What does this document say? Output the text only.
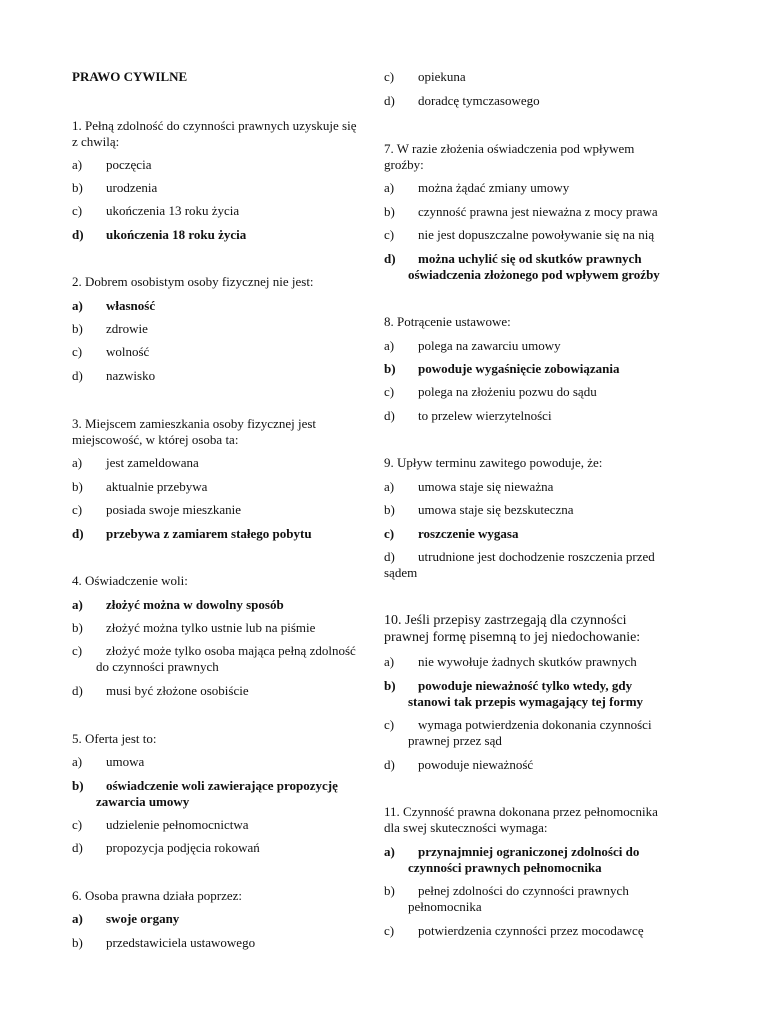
PRAWO CYWILNE
1. Pełną zdolność do czynności prawnych uzyskuje się
z chwilą:
a) poczęcia
b) urodzenia
c) ukończenia 13 roku życia
d) ukończenia 18 roku życia
2. Dobrem osobistym osoby fizycznej nie jest:
a) własność
b) zdrowie
c) wolność
d) nazwisko
3. Miejscem zamieszkania osoby fizycznej jest
miejscowość, w której osoba ta:
a) jest zameldowana
b) aktualnie przebywa
c) posiada swoje mieszkanie
d) przebywa z zamiarem stałego pobytu
4. Oświadczenie woli:
a) złożyć można w dowolny sposób
b) złożyć można tylko ustnie lub na piśmie
c) złożyć może tylko osoba mająca pełną zdolność
do czynności prawnych
d) musi być złożone osobiście
5. Oferta jest to:
a) umowa
b) oświadczenie woli zawierające propozycję
zawarcia umowy
c) udzielenie pełnomocnictwa
d) propozycja podjęcia rokowań
6. Osoba prawna działa poprzez:
a) swoje organy
b) przedstawiciela ustawowego
c) opiekuna
d) doradcę tymczasowego
7. W razie złożenia oświadczenia pod wpływem
groźby:
a) można żądać zmiany umowy
b) czynność prawna jest nieważna z mocy prawa
c) nie jest dopuszczalne powoływanie się na nią
d) można uchylić się od skutków prawnych
oświadczenia złożonego pod wpływem groźby
8. Potrącenie ustawowe:
a) polega na zawarciu umowy
b) powoduje wygaśnięcie zobowiązania
c) polega na złożeniu pozwu do sądu
d) to przelew wierzytelności
9. Upływ terminu zawitego powoduje, że:
a) umowa staje się nieważna
b) umowa staje się bezskuteczna
c) roszczenie wygasa
d) utrudnione jest dochodzenie roszczenia przed
sądem
10. Jeśli przepisy zastrzegają dla czynności
prawnej formę pisemną to jej niedochowanie:
a) nie wywołuje żadnych skutków prawnych
b) powoduje nieważność tylko wtedy, gdy
stanowi tak przepis wymagający tej formy
c) wymaga potwierdzenia dokonania czynności
prawnej przez sąd
d) powoduje nieważność
11. Czynność prawna dokonana przez pełnomocnika
dla swej skuteczności wymaga:
a) przynajmniej ograniczonej zdolności do
czynności prawnych pełnomocnika
b) pełnej zdolności do czynności prawnych
pełnomocnika
c) potwierdzenia czynności przez mocodawcę
